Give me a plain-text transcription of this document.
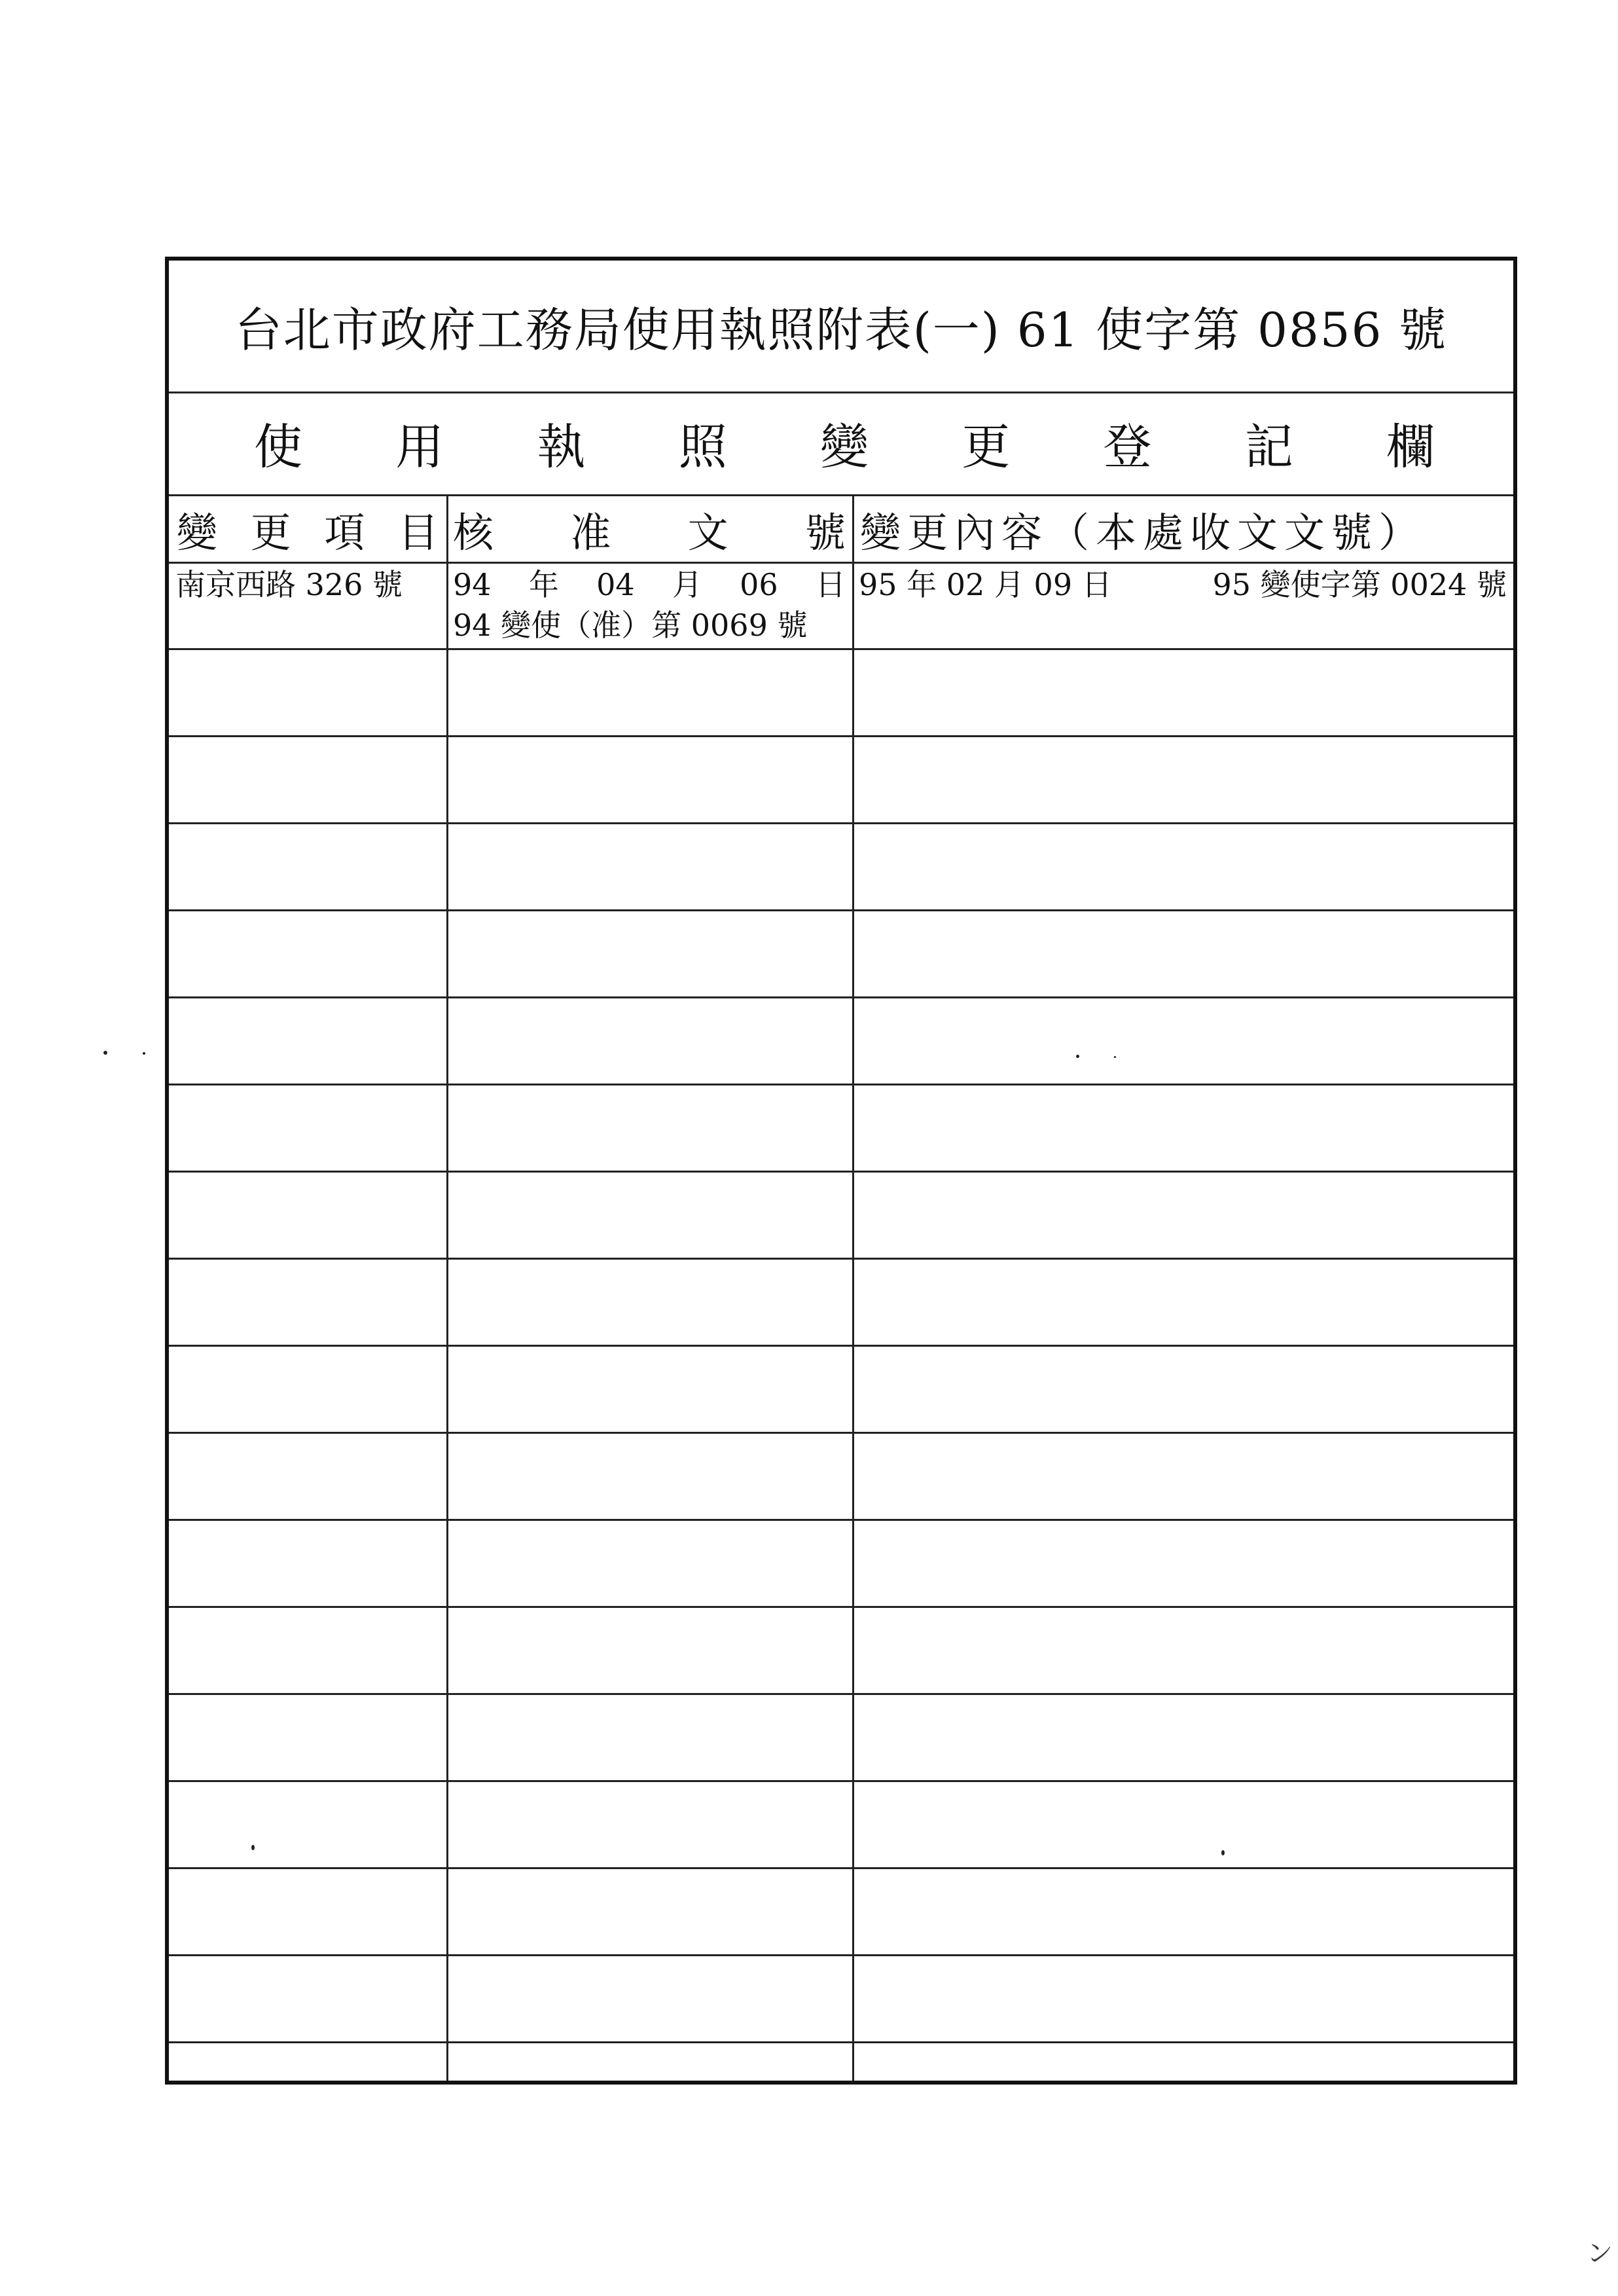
台北市政府工務局使用執照附表(一) 61 使字第 0856 號
使 用 執 照 變 更 登 記 欄
變 更 項 目 核 准 文 號 變更內容（本處收文文號）
南京西路 326 號	94 年 04 月 06 日
94 變使（准）第 0069 號
95 年 02 月 09 日	95 變使字第 0024 號
ン
